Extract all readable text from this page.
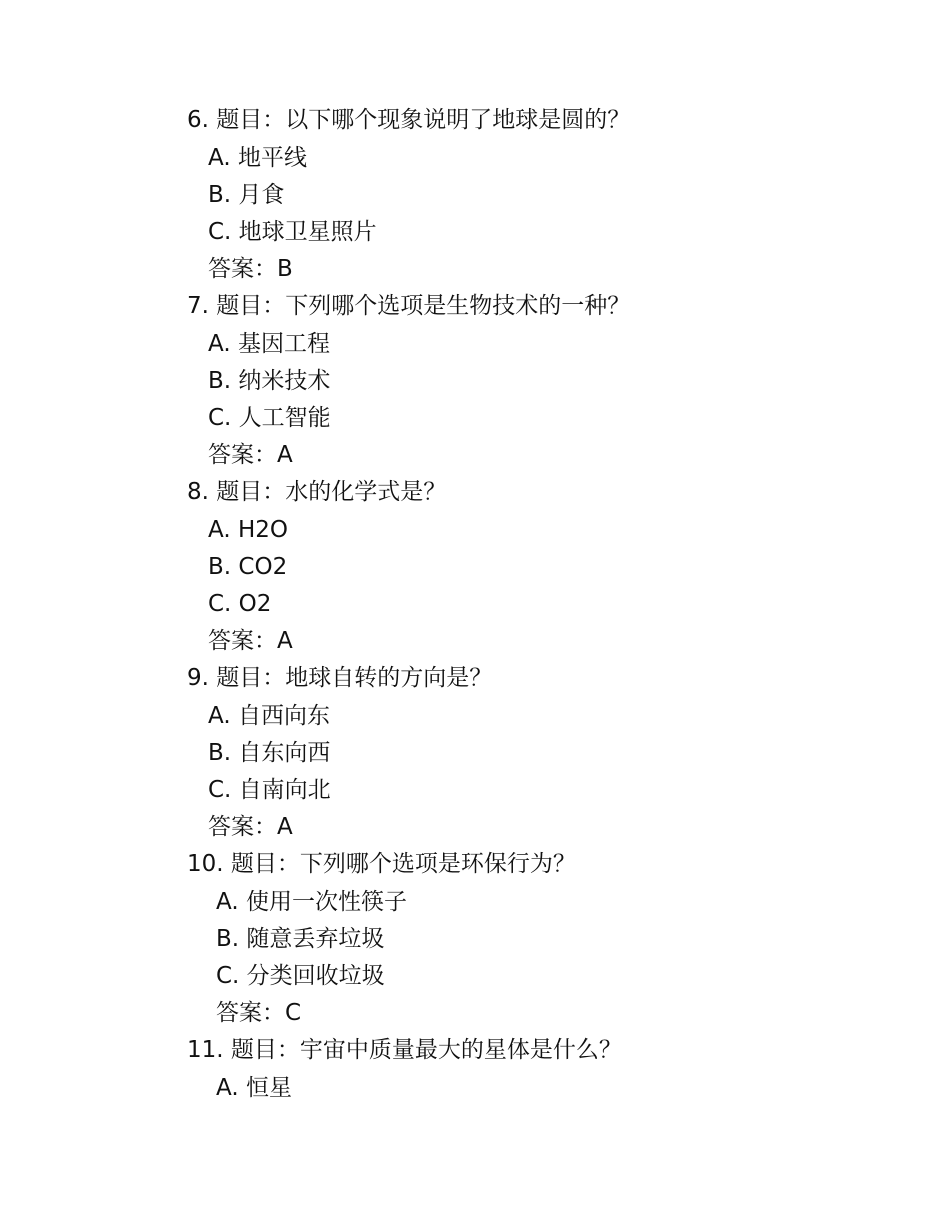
6. 题目：以下哪个现象说明了地球是圆的？
A. 地平线
B. 月食
C. 地球卫星照片
答案：B
7. 题目：下列哪个选项是生物技术的一种？
A. 基因工程
B. 纳米技术
C. 人工智能
答案：A
8. 题目：水的化学式是？
A. H2O
B. CO2
C. O2
答案：A
9. 题目：地球自转的方向是？
A. 自西向东
B. 自东向西
C. 自南向北
答案：A
10. 题目：下列哪个选项是环保行为？
A. 使用一次性筷子
B. 随意丢弃垃圾
C. 分类回收垃圾
答案：C
11. 题目：宇宙中质量最大的星体是什么？
A. 恒星
